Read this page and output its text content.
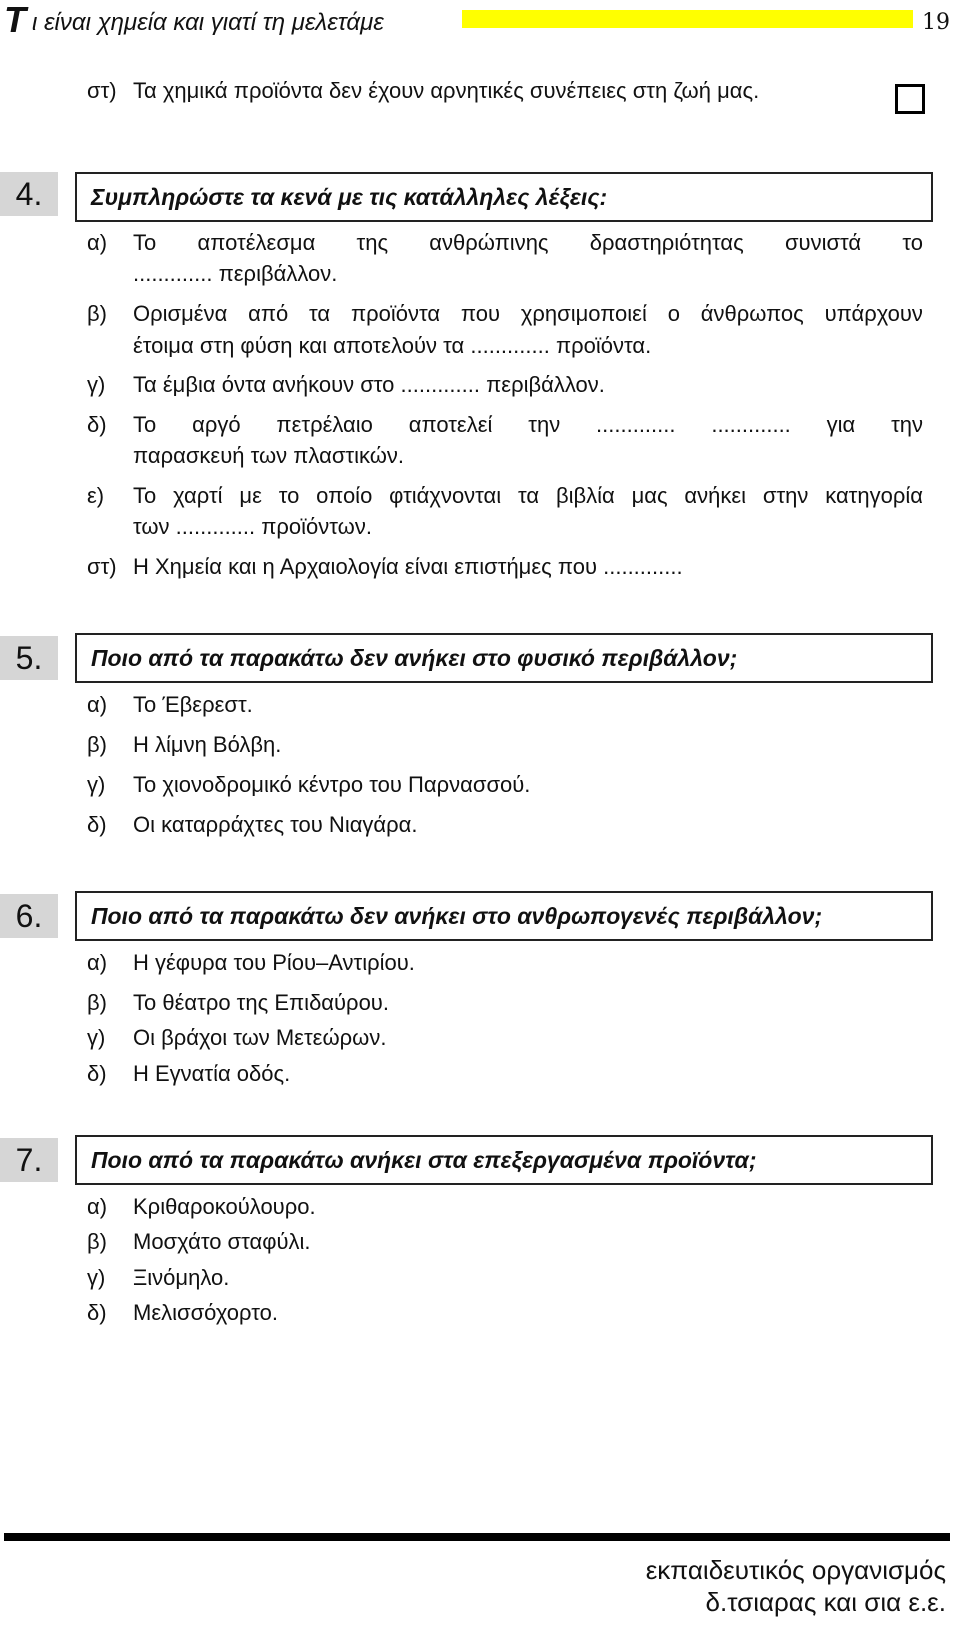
Τ ι είναι χημεία και γιατί τη μελετάμε	19
στ) Τα χημικά προϊόντα δεν έχουν αρνητικές συνέπειες στη ζωή μας.
4.	Συμπληρώστε τα κενά με τις κατάλληλες λέξεις:
α) Το αποτέλεσμα της ανθρώπινης δραστηριότητας συνιστά το
............. περιβάλλον.
β) Ορισμένα από τα προϊόντα που χρησιμοποιεί ο άνθρωπος υπάρχουν
έτοιμα στη φύση και αποτελούν τα ............. προϊόντα.
γ) Τα έμβια όντα ανήκουν στο ............. περιβάλλον.
δ) Το αργό πετρέλαιο αποτελεί την ............. ............. για την
παρασκευή των πλαστικών.
ε) Το χαρτί με το οποίο φτιάχνονται τα βιβλία μας ανήκει στην κατηγορία
των ............. προϊόντων.
στ) Η Χημεία και η Αρχαιολογία είναι επιστήμες που .............
5.	Ποιο από τα παρακάτω δεν ανήκει στο φυσικό περιβάλλον;
α) Το Έβερεστ.
β) Η λίμνη Βόλβη.
γ) Το χιονοδρομικό κέντρο του Παρνασσού.
δ) Οι καταρράχτες του Νιαγάρα.
6.	Ποιο από τα παρακάτω δεν ανήκει στο ανθρωπογενές περιβάλλον;
α) Η γέφυρα του Ρίου–Αντιρίου.
β) Το θέατρο της Επιδαύρου.
γ) Οι βράχοι των Μετεώρων.
δ) Η Εγνατία οδός.
7.	Ποιο από τα παρακάτω ανήκει στα επεξεργασμένα προϊόντα;
α) Κριθαροκούλουρο.
β) Μοσχάτο σταφύλι.
γ) Ξινόμηλο.
δ) Μελισσόχορτο.
εκπαιδευτικός οργανισμός
δ.τσιαρας και σια ε.ε.
